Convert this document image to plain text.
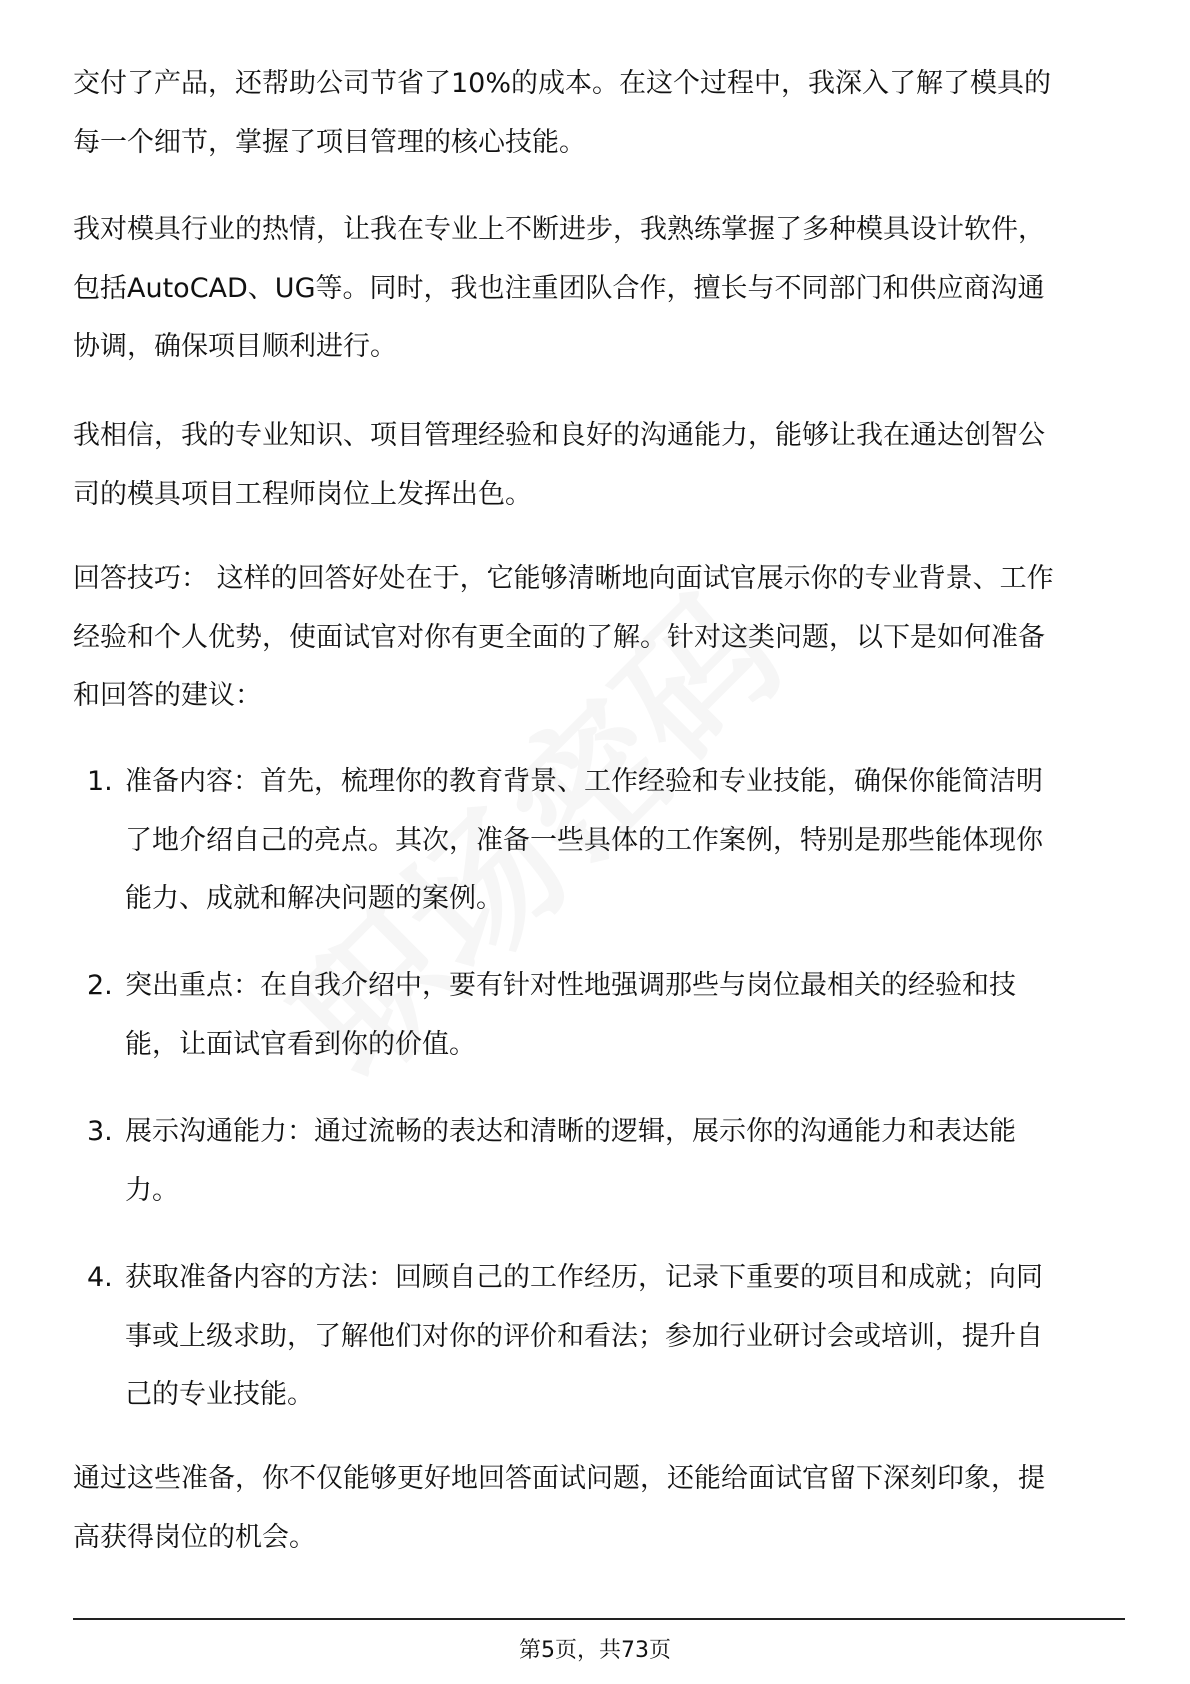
交付了产品，还帮助公司节省了10%的成本。在这个过程中，我深入了解了模具的
每一个细节，掌握了项目管理的核心技能。
我对模具行业的热情，让我在专业上不断进步，我熟练掌握了多种模具设计软件，
包括AutoCAD、UG等。同时，我也注重团队合作，擅长与不同部门和供应商沟通
协调，确保项目顺利进行。
我相信，我的专业知识、项目管理经验和良好的沟通能力，能够让我在通达创智公
司的模具项目工程师岗位上发挥出色。
回答技巧： 这样的回答好处在于，它能够清晰地向面试官展示你的专业背景、工作
经验和个人优势，使面试官对你有更全面的了解。针对这类问题，以下是如何准备
和回答的建议：
1. 准备内容：首先，梳理你的教育背景、工作经验和专业技能，确保你能简洁明
了地介绍自己的亮点。其次，准备一些具体的工作案例，特别是那些能体现你
能力、成就和解决问题的案例。
2. 突出重点：在自我介绍中，要有针对性地强调那些与岗位最相关的经验和技
能，让面试官看到你的价值。
3. 展示沟通能力：通过流畅的表达和清晰的逻辑，展示你的沟通能力和表达能
力。
4. 获取准备内容的方法：回顾自己的工作经历，记录下重要的项目和成就；向同
事或上级求助，了解他们对你的评价和看法；参加行业研讨会或培训，提升自
己的专业技能。
通过这些准备，你不仅能够更好地回答面试问题，还能给面试官留下深刻印象，提
高获得岗位的机会。
第5页，共73页
